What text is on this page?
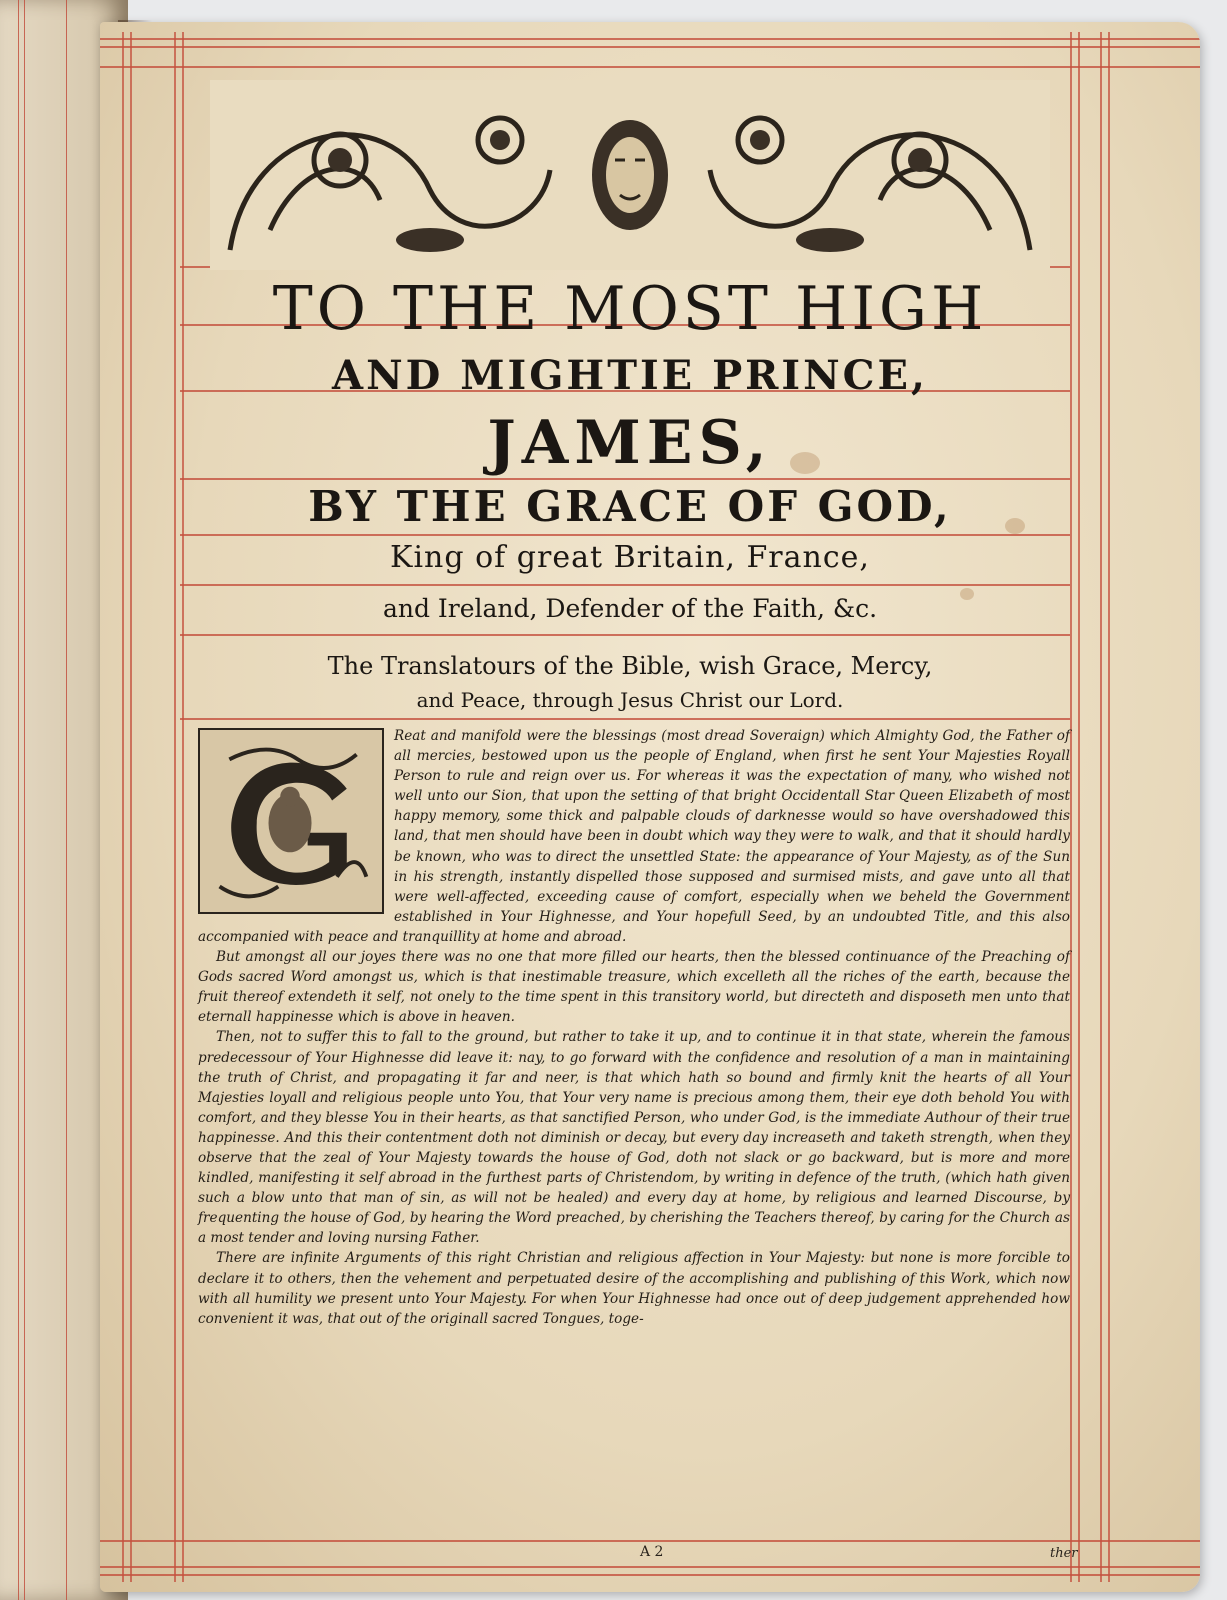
TO THE MOST HIGH
AND MIGHTIE PRINCE,
JAMES,
BY THE GRACE OF GOD,
King of great Britain, France,
and Ireland, Defender of the Faith, &c.
The Translatours of the Bible, wish Grace, Mercy,
and Peace, through Jesus Christ our Lord.

Reat and manifold were the blessings (most dread Soveraign) which Almighty God, the Father of all mercies, bestowed upon us the people of England, when first he sent Your Majesties Royall Person to rule and reign over us. For whereas it was the expectation of many, who wished not well unto our Sion, that upon the setting of that bright Occidentall Star Queen Elizabeth of most happy memory, some thick and palpable clouds of darknesse would so have overshadowed this land, that men should have been in doubt which way they were to walk, and that it should hardly be known, who was to direct the unsettled State: the appearance of Your Majesty, as of the Sun in his strength, instantly dispelled those supposed and surmised mists, and gave unto all that were well-affected, exceeding cause of comfort, especially when we beheld the Government established in Your Highnesse, and Your hopefull Seed, by an undoubted Title, and this also accompanied with peace and tranquillity at home and abroad.

But amongst all our joyes there was no one that more filled our hearts, then the blessed continuance of the Preaching of Gods sacred Word amongst us, which is that inestimable treasure, which excelleth all the riches of the earth, because the fruit thereof extendeth it self, not onely to the time spent in this transitory world, but directeth and disposeth men unto that eternall happinesse which is above in heaven.

Then, not to suffer this to fall to the ground, but rather to take it up, and to continue it in that state, wherein the famous predecessour of Your Highnesse did leave it: nay, to go forward with the confidence and resolution of a man in maintaining the truth of Christ, and propagating it far and neer, is that which hath so bound and firmly knit the hearts of all Your Majesties loyall and religious people unto You, that Your very name is precious among them, their eye doth behold You with comfort, and they blesse You in their hearts, as that sanctified Person, who under God, is the immediate Authour of their true happinesse. And this their contentment doth not diminish or decay, but every day increaseth and taketh strength, when they observe that the zeal of Your Majesty towards the house of God, doth not slack or go backward, but is more and more kindled, manifesting it self abroad in the furthest parts of Christendom, by writing in defence of the truth, (which hath given such a blow unto that man of sin, as will not be healed) and every day at home, by religious and learned Discourse, by frequenting the house of God, by hearing the Word preached, by cherishing the Teachers thereof, by caring for the Church as a most tender and loving nursing Father.

There are infinite Arguments of this right Christian and religious affection in Your Majesty: but none is more forcible to declare it to others, then the vehement and perpetuated desire of the accomplishing and publishing of this Work, which now with all humility we present unto Your Majesty. For when Your Highnesse had once out of deep judgement apprehended how convenient it was, that out of the originall sacred Tongues, toge-

A 2	ther
